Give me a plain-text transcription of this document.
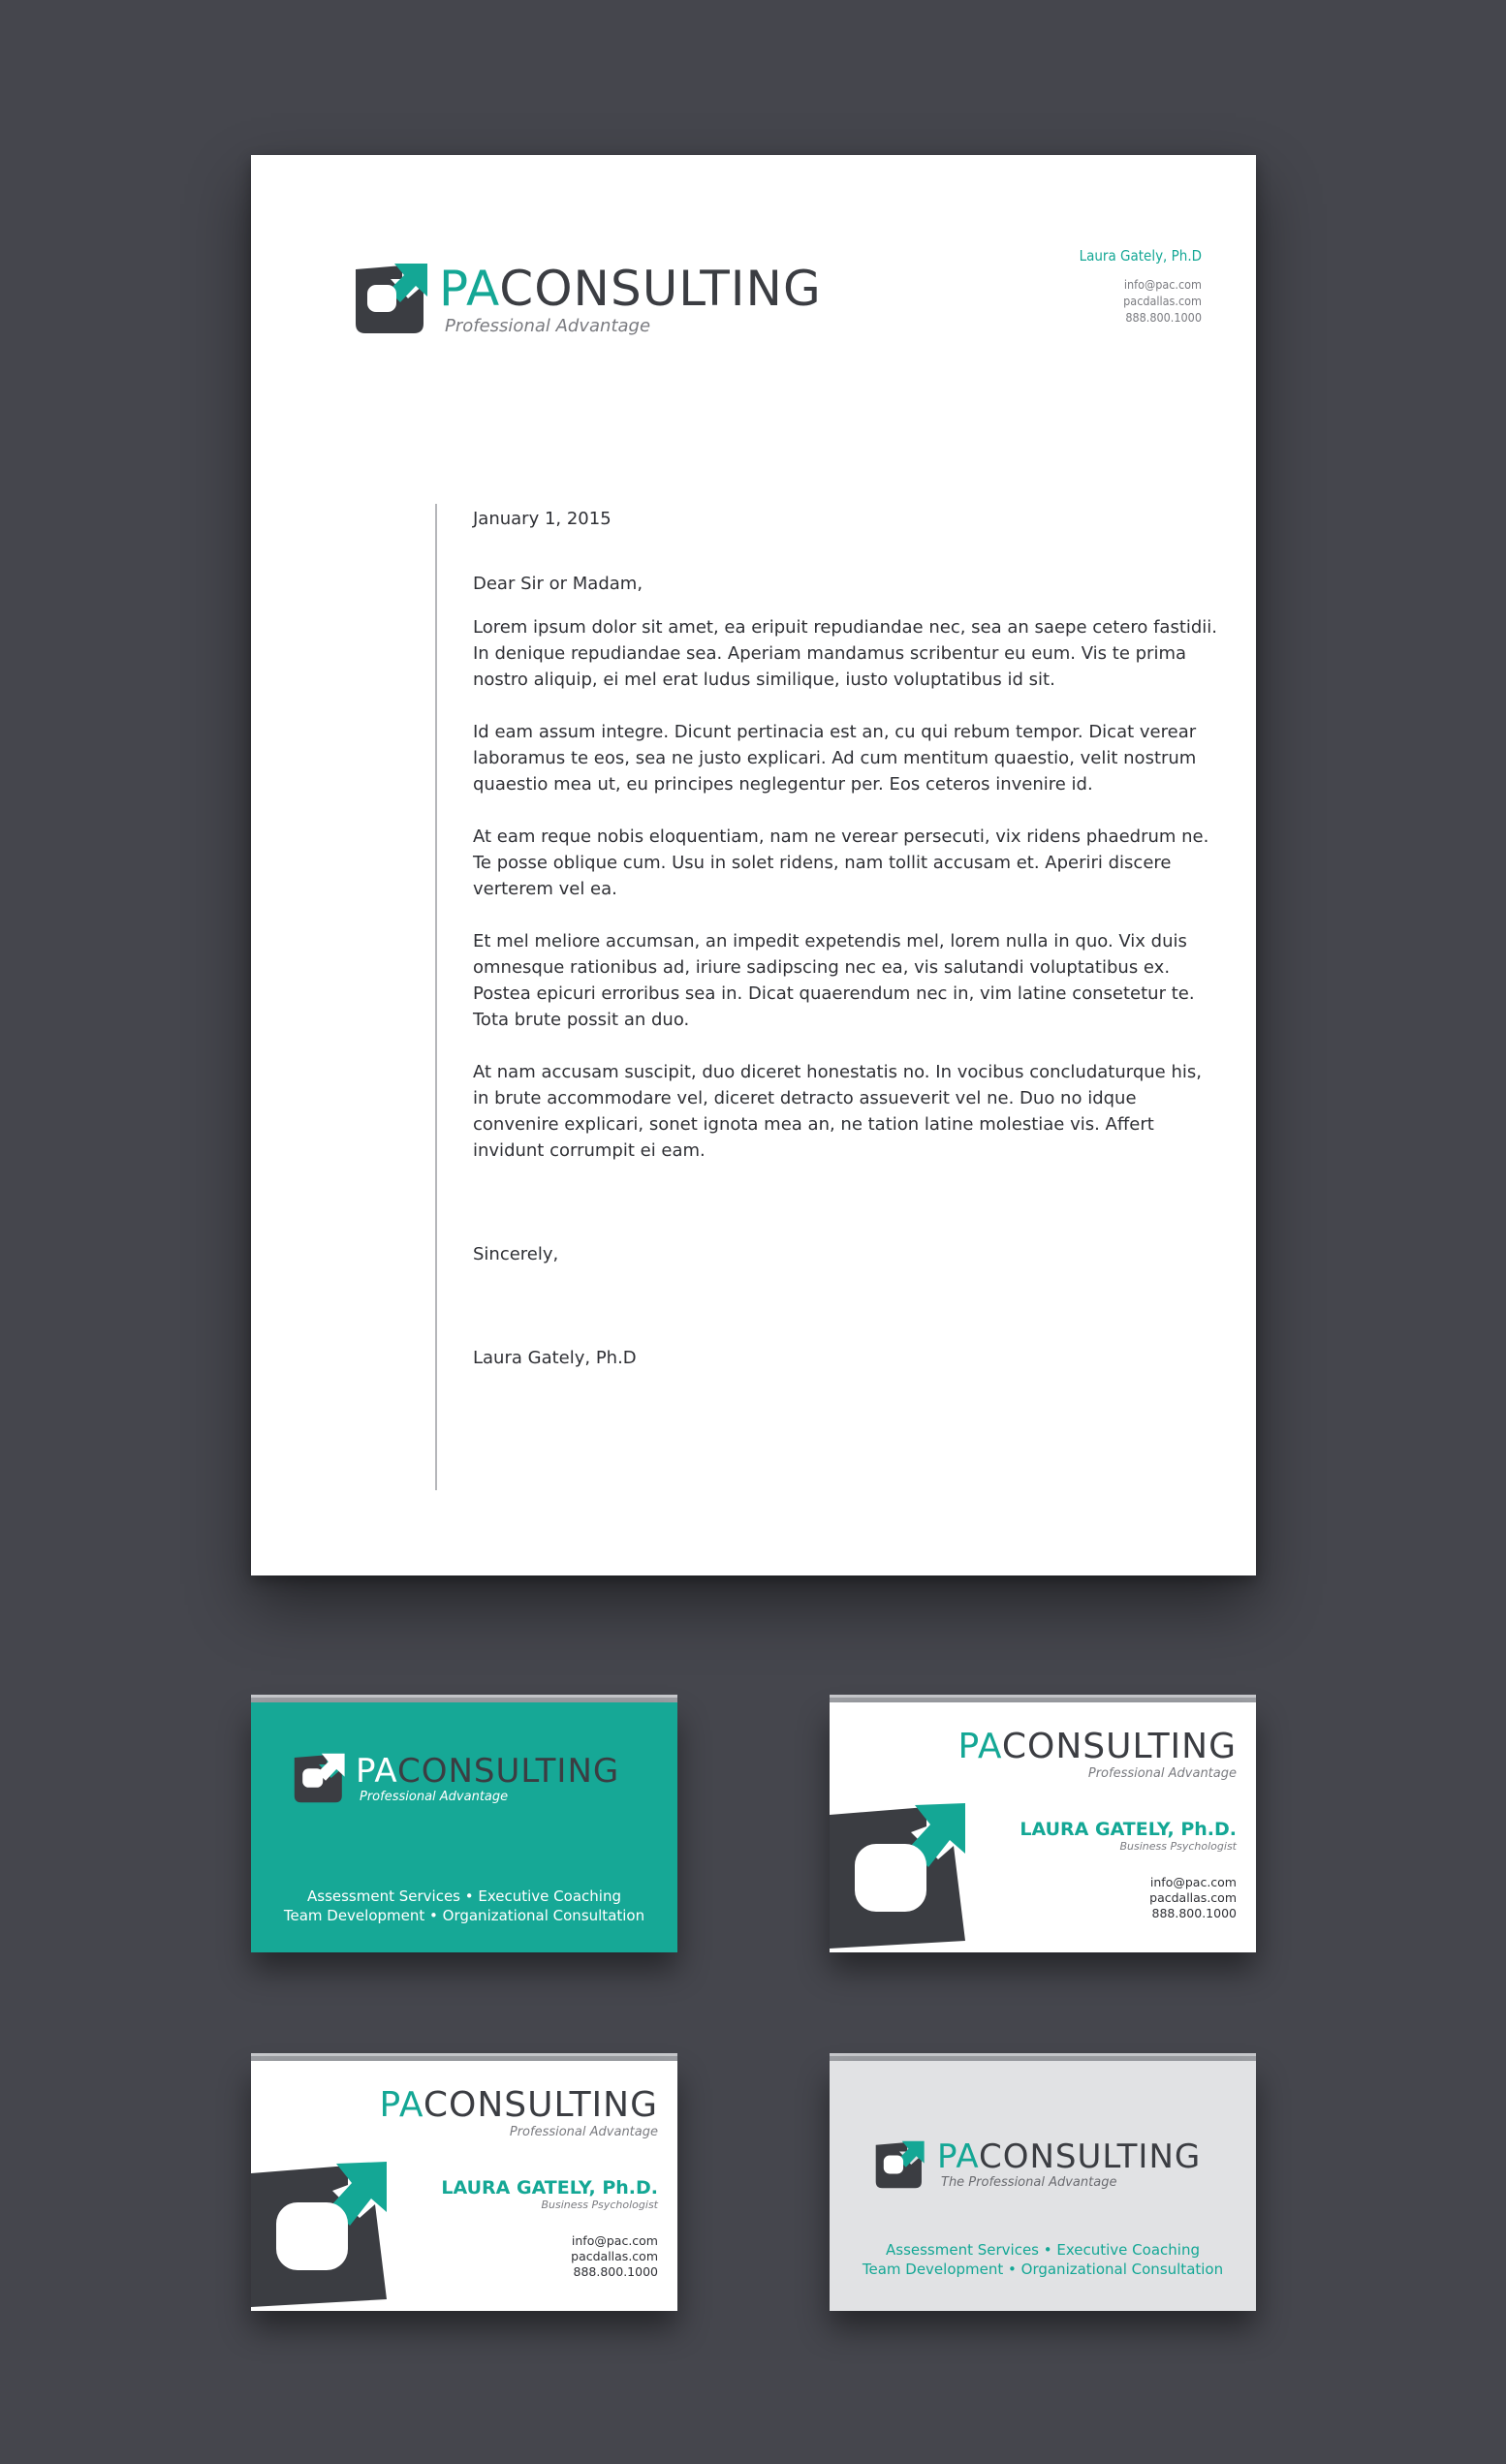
PACONSULTING
Professional Advantage
Laura Gately, Ph.D
info@pac.com
pacdallas.com
888.800.1000

January 1, 2015

Dear Sir or Madam,

Lorem ipsum dolor sit amet, ea eripuit repudiandae nec, sea an saepe cetero fastidii. In denique repudiandae sea. Aperiam mandamus scribentur eu eum. Vis te prima nostro aliquip, ei mel erat ludus similique, iusto voluptatibus id sit.

Id eam assum integre. Dicunt pertinacia est an, cu qui rebum tempor. Dicat verear laboramus te eos, sea ne justo explicari. Ad cum mentitum quaestio, velit nostrum quaestio mea ut, eu principes neglegentur per. Eos ceteros invenire id.

At eam reque nobis eloquentiam, nam ne verear persecuti, vix ridens phaedrum ne. Te posse oblique cum. Usu in solet ridens, nam tollit accusam et. Aperiri discere verterem vel ea.

Et mel meliore accumsan, an impedit expetendis mel, lorem nulla in quo. Vix duis omnesque rationibus ad, iriure sadipscing nec ea, vis salutandi voluptatibus ex. Postea epicuri erroribus sea in. Dicat quaerendum nec in, vim latine consetetur te. Tota brute possit an duo.

At nam accusam suscipit, duo diceret honestatis no. In vocibus concludaturque his, in brute accommodare vel, diceret detracto assueverit vel ne. Duo no idque convenire explicari, sonet ignota mea an, ne tation latine molestiae vis. Affert invidunt corrumpit ei eam.

Sincerely,

Laura Gately, Ph.D

PACONSULTING
Professional Advantage
Assessment Services • Executive Coaching
Team Development • Organizational Consultation
PACONSULTING
Professional Advantage
LAURA GATELY, Ph.D.
Business Psychologist
info@pac.com
pacdallas.com
888.800.1000
PACONSULTING
Professional Advantage
LAURA GATELY, Ph.D.
Business Psychologist
info@pac.com
pacdallas.com
888.800.1000
PACONSULTING
The Professional Advantage
Assessment Services • Executive Coaching
Team Development • Organizational Consultation
